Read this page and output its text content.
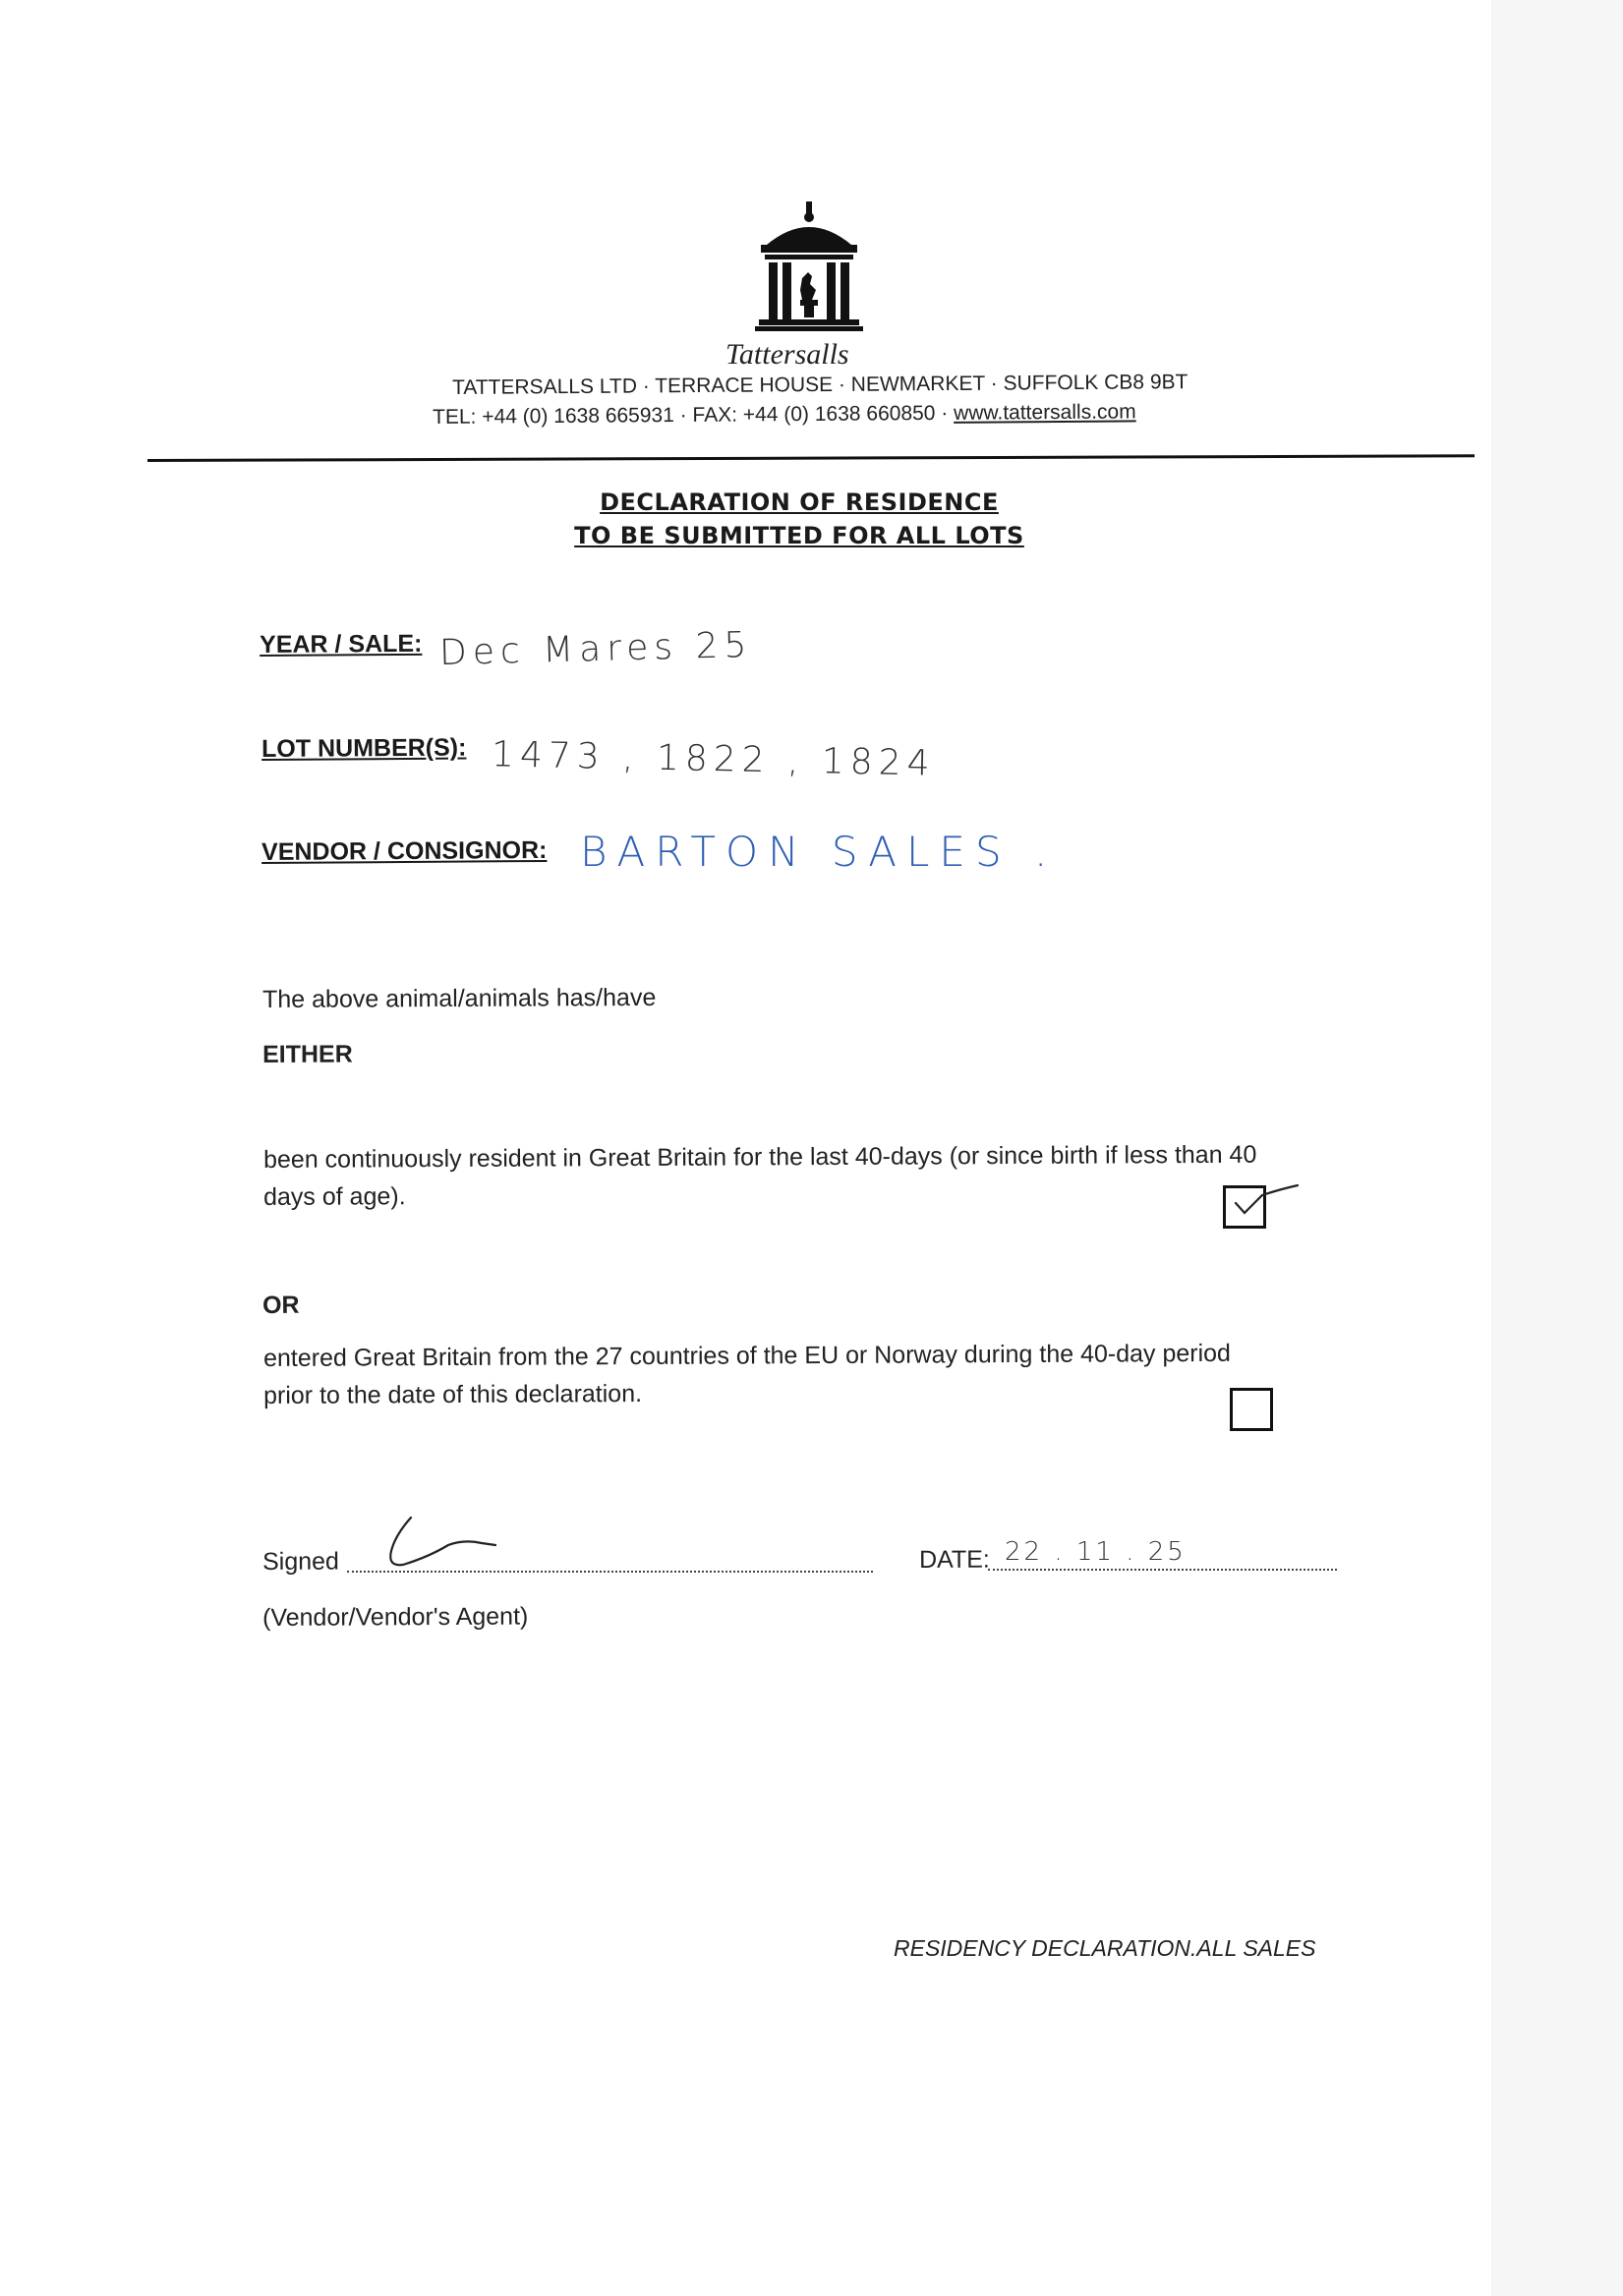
Tattersalls
TATTERSALLS LTD · TERRACE HOUSE · NEWMARKET · SUFFOLK CB8 9BT
TEL: +44 (0) 1638 665931 · FAX: +44 (0) 1638 660850 · www.tattersalls.com
DECLARATION OF RESIDENCE
TO BE SUBMITTED FOR ALL LOTS
YEAR / SALE: Dec Mares 25
LOT NUMBER(S): 1473 , 1822 , 1824
VENDOR / CONSIGNOR: BARTON SALES .
The above animal/animals has/have
EITHER
been continuously resident in Great Britain for the last 40-days (or since birth if less than 40
days of age).
OR
entered Great Britain from the 27 countries of the EU or Norway during the 40-day period
prior to the date of this declaration.
Signed	DATE: 22 . 11 . 25
(Vendor/Vendor's Agent)
RESIDENCY DECLARATION.ALL SALES
